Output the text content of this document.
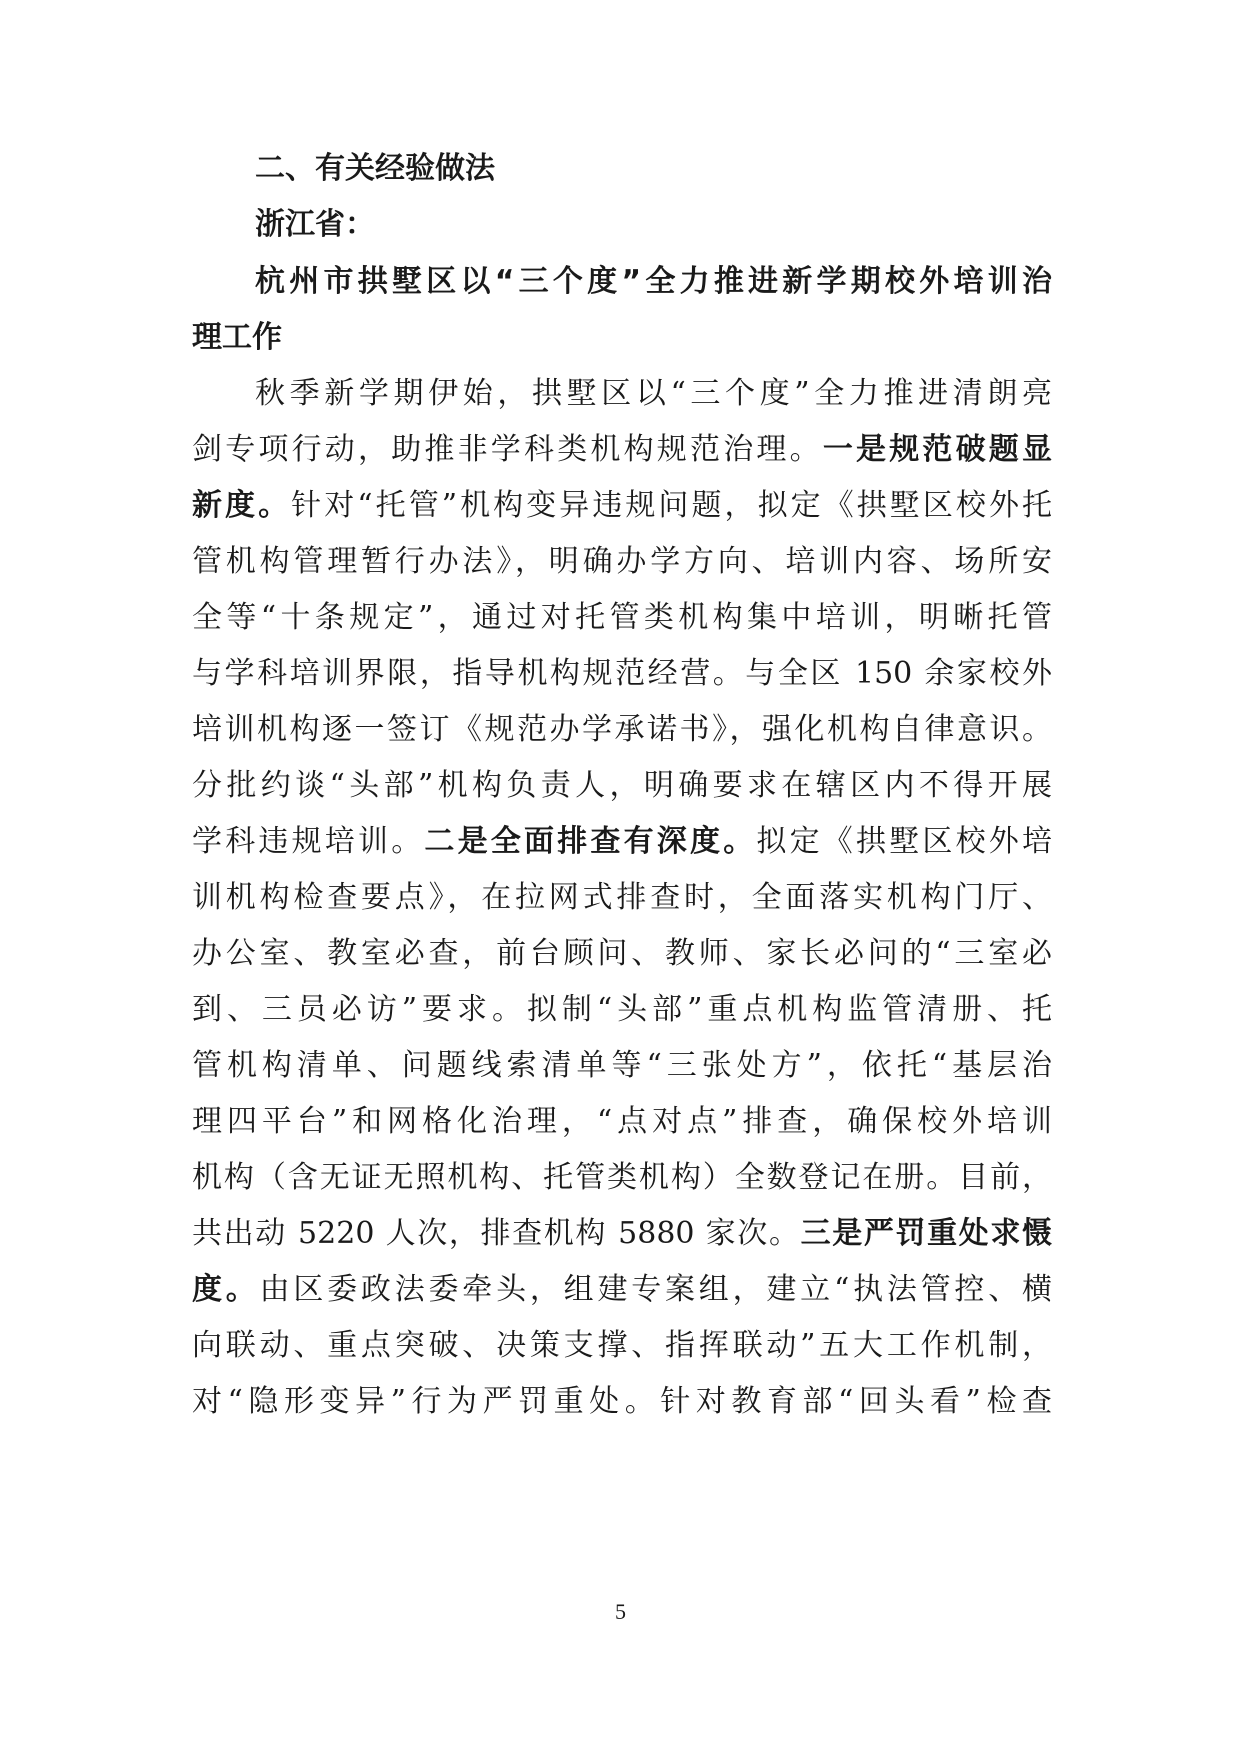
二、有关经验做法
浙江省：
杭州市拱墅区以“三个度”全力推进新学期校外培训治
理工作
秋季新学期伊始，拱墅区以“三个度”全力推进清朗亮
剑专项行动，助推非学科类机构规范治理。一是规范破题显
新度。针对“托管”机构变异违规问题，拟定《拱墅区校外托
管机构管理暂行办法》，明确办学方向、培训内容、场所安
全等“十条规定”，通过对托管类机构集中培训，明晰托管
与学科培训界限，指导机构规范经营。与全区 150 余家校外
培训机构逐一签订《规范办学承诺书》，强化机构自律意识。
分批约谈“头部”机构负责人，明确要求在辖区内不得开展
学科违规培训。二是全面排查有深度。拟定《拱墅区校外培
训机构检查要点》，在拉网式排查时，全面落实机构门厅、
办公室、教室必查，前台顾问、教师、家长必问的“三室必
到、三员必访”要求。拟制“头部”重点机构监管清册、托
管机构清单、问题线索清单等“三张处方”，依托“基层治
理四平台”和网格化治理，“点对点”排查，确保校外培训
机构（含无证无照机构、托管类机构）全数登记在册。目前，
共出动 5220 人次，排查机构 5880 家次。三是严罚重处求慑
度。由区委政法委牵头，组建专案组，建立“执法管控、横
向联动、重点突破、决策支撑、指挥联动”五大工作机制，
对“隐形变异”行为严罚重处。针对教育部“回头看”检查
5
